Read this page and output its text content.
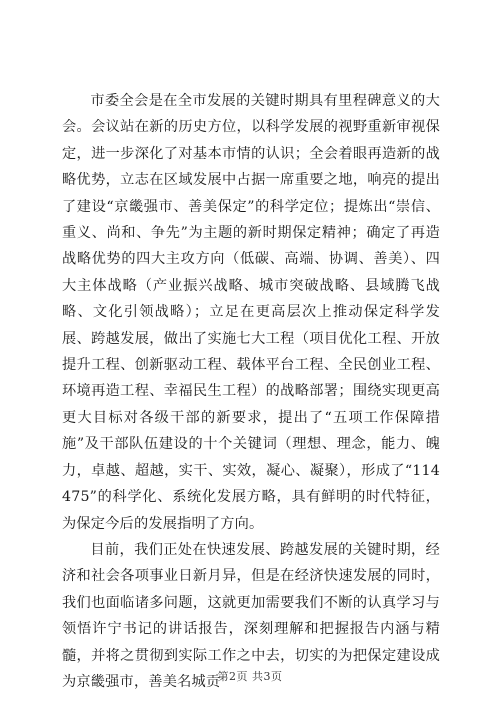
市委全会是在全市发展的关键时期具有里程碑意义的大会。会议站在新的历史方位，以科学发展的视野重新审视保定，进一步深化了对基本市情的认识；全会着眼再造新的战略优势，立志在区域发展中占据一席重要之地，响亮的提出了建设“京畿强市、善美保定”的科学定位；提炼出“崇信、重义、尚和、争先”为主题的新时期保定精神；确定了再造战略优势的四大主攻方向（低碳、高端、协调、善美）、四大主体战略（产业振兴战略、城市突破战略、县域腾飞战略、文化引领战略）；立足在更高层次上推动保定科学发展、跨越发展，做出了实施七大工程（项目优化工程、开放提升工程、创新驱动工程、载体平台工程、全民创业工程、环境再造工程、幸福民生工程）的战略部署；围绕实现更高更大目标对各级干部的新要求，提出了“五项工作保障措施”及干部队伍建设的十个关键词（理想、理念，能力、魄力，卓越、超越，实干、实效，凝心、凝聚），形成了“114475”的科学化、系统化发展方略，具有鲜明的时代特征，为保定今后的发展指明了方向。

目前，我们正处在快速发展、跨越发展的关键时期，经济和社会各项事业日新月异，但是在经济快速发展的同时，我们也面临诸多问题，这就更加需要我们不断的认真学习与领悟许宁书记的讲话报告，深刻理解和把握报告内涵与精髓，并将之贯彻到实际工作之中去，切实的为把保定建设成为京畿强市，善美名城贡

第2页 共3页
